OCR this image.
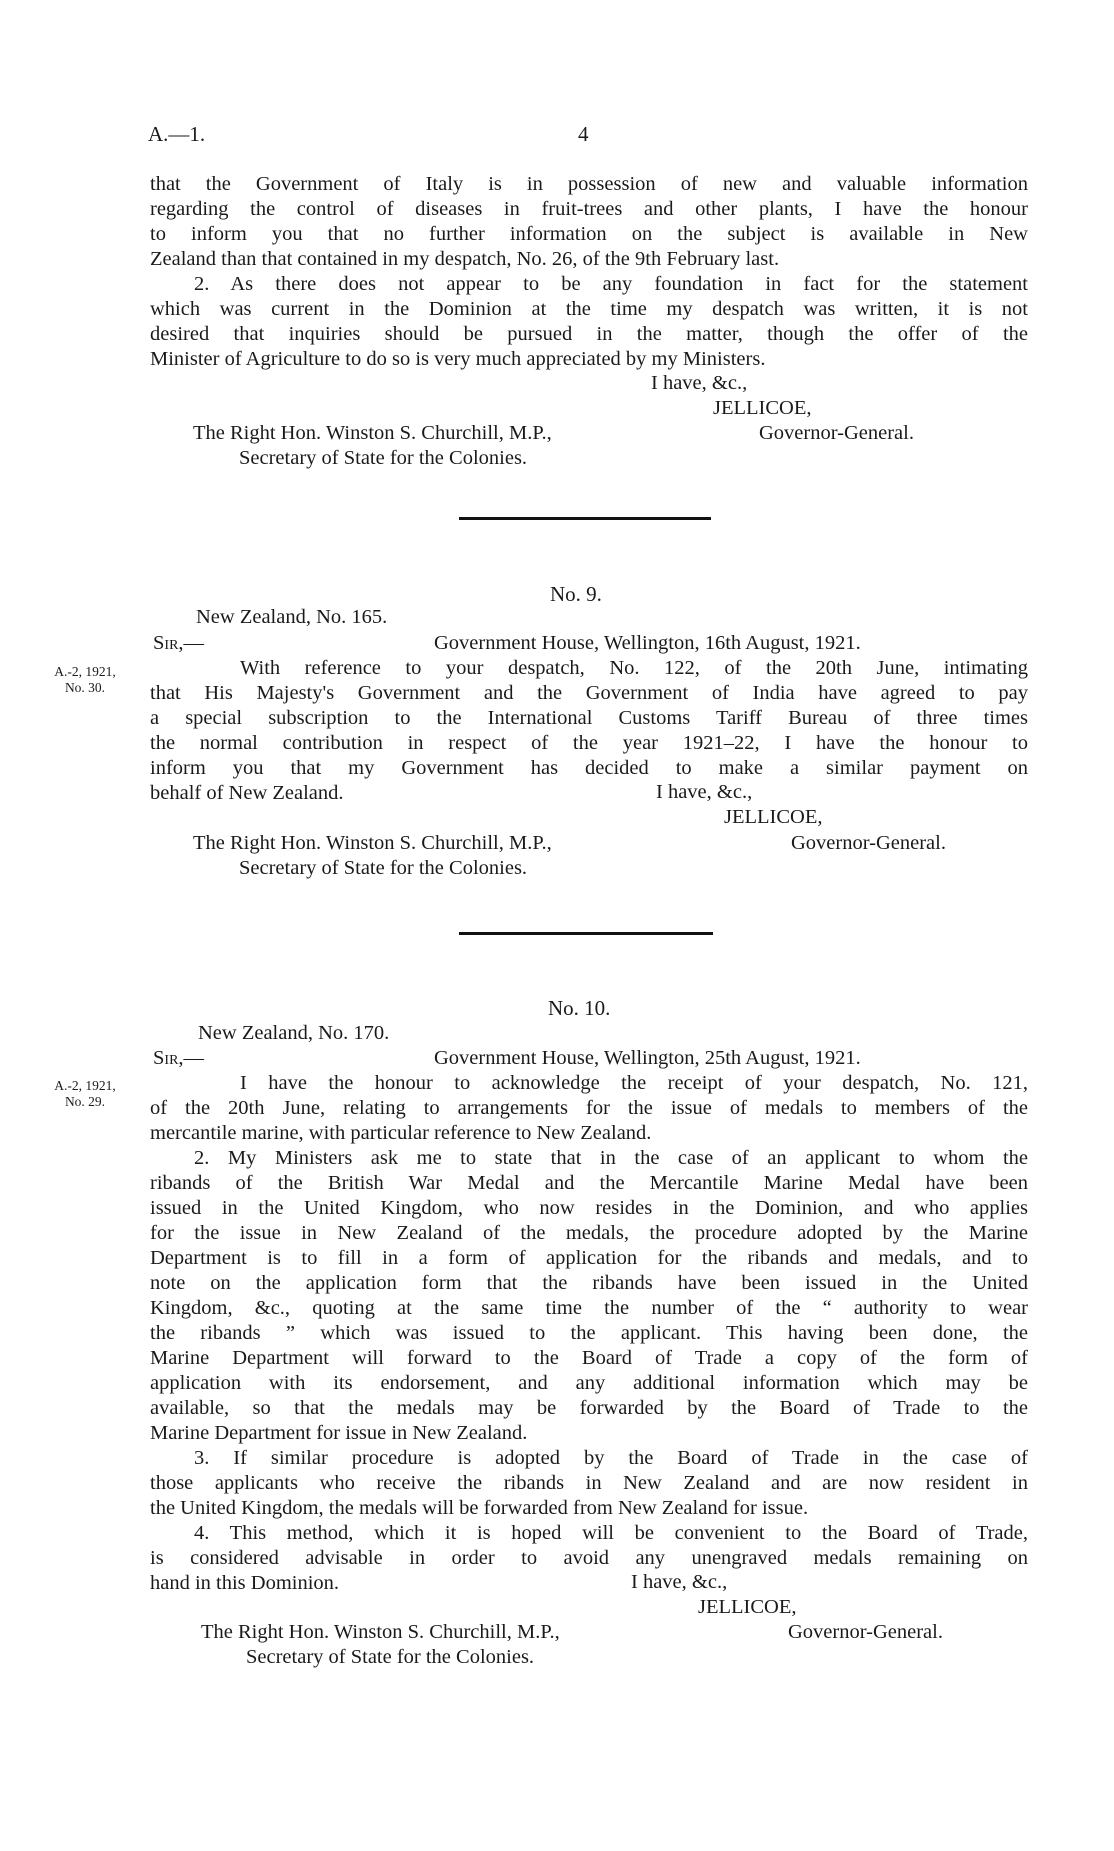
A.—1.	4
that the Government of Italy is in possession of new and valuable information
regarding the control of diseases in fruit-trees and other plants, I have the honour
to inform you that no further information on the subject is available in New
Zealand than that contained in my despatch, No. 26, of the 9th February last.
2. As there does not appear to be any foundation in fact for the statement
which was current in the Dominion at the time my despatch was written, it is not
desired that inquiries should be pursued in the matter, though the offer of the
Minister of Agriculture to do so is very much appreciated by my Ministers.
I have, &c.,
JELLICOE,
The Right Hon. Winston S. Churchill, M.P.,	Governor-General.
Secretary of State for the Colonies.
No. 9.
New Zealand, No. 165.
Sir,—	Government House, Wellington, 16th August, 1921.
A.-2, 1921,
No. 30.
With reference to your despatch, No. 122, of the 20th June, intimating
that His Majesty's Government and the Government of India have agreed to pay
a special subscription to the International Customs Tariff Bureau of three times
the normal contribution in respect of the year 1921–22, I have the honour to
inform you that my Government has decided to make a similar payment on
behalf of New Zealand.	I have, &c.,
JELLICOE,
The Right Hon. Winston S. Churchill, M.P.,	Governor-General.
Secretary of State for the Colonies.
No. 10.
New Zealand, No. 170.
Sir,—	Government House, Wellington, 25th August, 1921.
A.-2, 1921,
No. 29.
I have the honour to acknowledge the receipt of your despatch, No. 121,
of the 20th June, relating to arrangements for the issue of medals to members of the
mercantile marine, with particular reference to New Zealand.
2. My Ministers ask me to state that in the case of an applicant to whom the
ribands of the British War Medal and the Mercantile Marine Medal have been
issued in the United Kingdom, who now resides in the Dominion, and who applies
for the issue in New Zealand of the medals, the procedure adopted by the Marine
Department is to fill in a form of application for the ribands and medals, and to
note on the application form that the ribands have been issued in the United
Kingdom, &c., quoting at the same time the number of the “ authority to wear
the ribands ” which was issued to the applicant. This having been done, the
Marine Department will forward to the Board of Trade a copy of the form of
application with its endorsement, and any additional information which may be
available, so that the medals may be forwarded by the Board of Trade to the
Marine Department for issue in New Zealand.
3. If similar procedure is adopted by the Board of Trade in the case of
those applicants who receive the ribands in New Zealand and are now resident in
the United Kingdom, the medals will be forwarded from New Zealand for issue.
4. This method, which it is hoped will be convenient to the Board of Trade,
is considered advisable in order to avoid any unengraved medals remaining on
hand in this Dominion.	I have, &c.,
JELLICOE,
The Right Hon. Winston S. Churchill, M.P.,	Governor-General.
Secretary of State for the Colonies.
